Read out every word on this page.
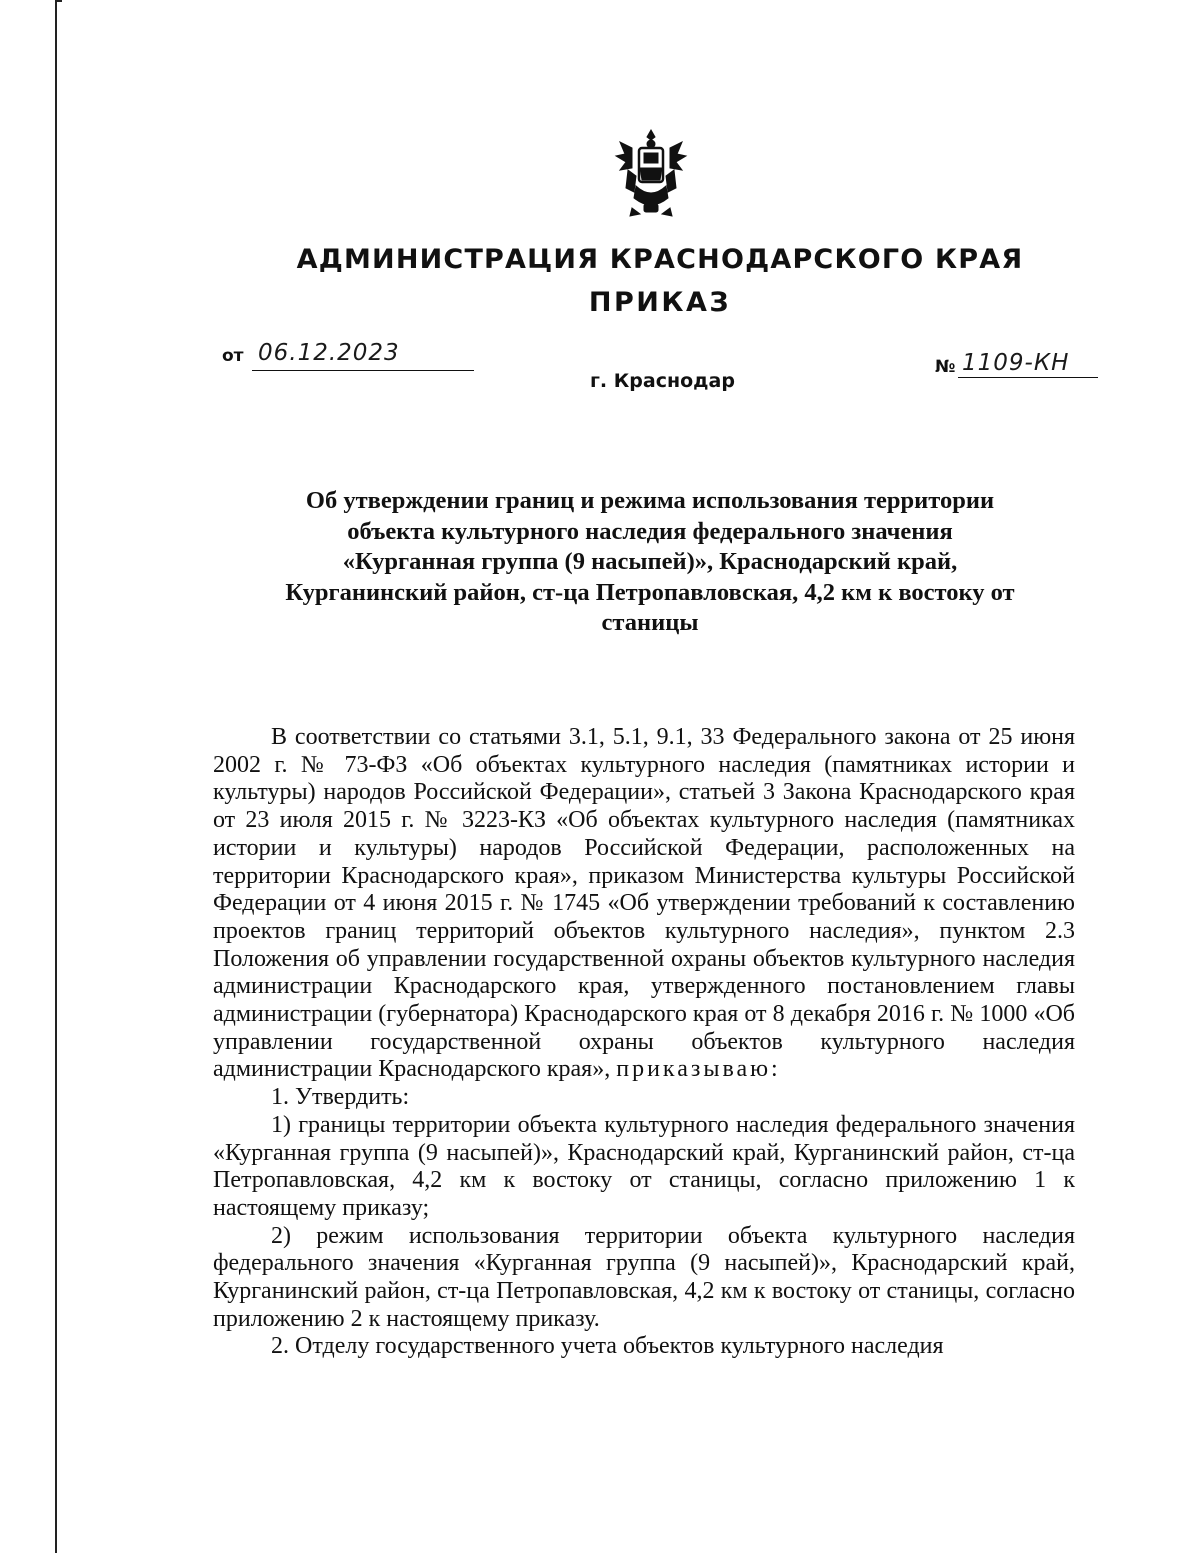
АДМИНИСТРАЦИЯ КРАСНОДАРСКОГО КРАЯ
ПРИКАЗ
от 06.12.2023
г. Краснодар
№ 1109-КН
Об утверждении границ и режима использования территории
объекта культурного наследия федерального значения
«Курганная группа (9 насыпей)», Краснодарский край,
Курганинский район, ст-ца Петропавловская, 4,2 км к востоку от
станицы

В соответствии со статьями 3.1, 5.1, 9.1, 33 Федерального закона от 25 июня 2002 г. № 73-ФЗ «Об объектах культурного наследия (памятниках истории и культуры) народов Российской Федерации», статьей 3 Закона Краснодарского края от 23 июля 2015 г. № 3223-КЗ «Об объектах культурного наследия (памятниках истории и культуры) народов Российской Федерации, расположенных на территории Краснодарского края», приказом Министерства культуры Российской Федерации от 4 июня 2015 г. № 1745 «Об утверждении требований к составлению проектов границ территорий объектов культурного наследия», пунктом 2.3 Положения об управлении государственной охраны объектов культурного наследия администрации Краснодарского края, утвержденного постановлением главы администрации (губернатора) Краснодарского края от 8 декабря 2016 г. № 1000 «Об управлении государственной охраны объектов культурного наследия администрации Краснодарского края», приказываю:

1. Утвердить:

1) границы территории объекта культурного наследия федерального значения «Курганная группа (9 насыпей)», Краснодарский край, Курганинский район, ст-ца Петропавловская, 4,2 км к востоку от станицы, согласно приложению 1 к настоящему приказу;

2) режим использования территории объекта культурного наследия федерального значения «Курганная группа (9 насыпей)», Краснодарский край, Курганинский район, ст-ца Петропавловская, 4,2 км к востоку от станицы, согласно приложению 2 к настоящему приказу.

2. Отделу государственного учета объектов культурного наследия
